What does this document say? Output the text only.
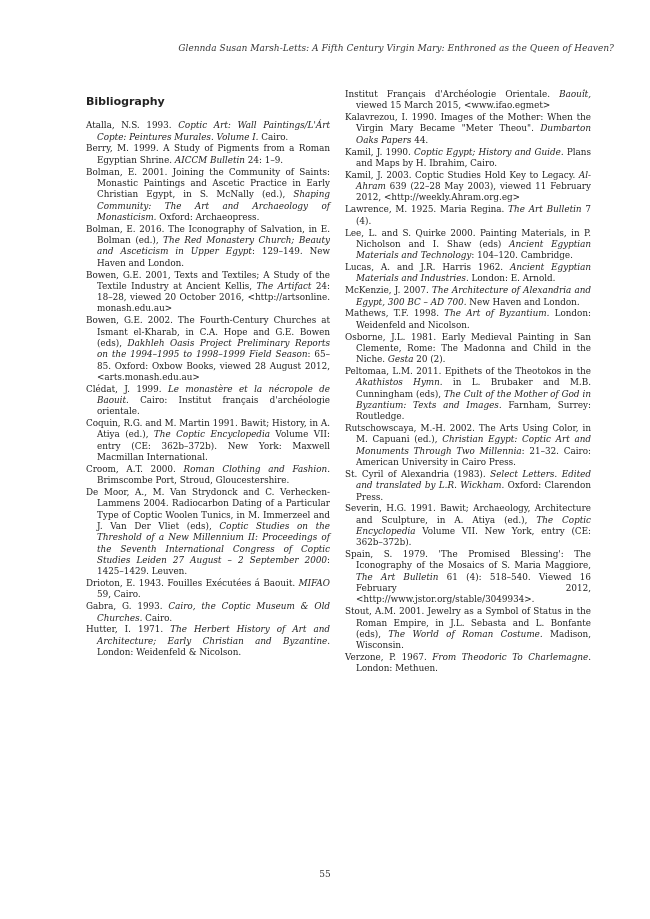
Glennda Susan Marsh-Letts: A Fifth Century Virgin Mary: Enthroned as the Queen of Heaven?
Bibliography

Atalla, N.S. 1993. Coptic Art: Wall Paintings/L'Árt Copte: Peintures Murales. Volume I. Cairo.

Berry, M. 1999. A Study of Pigments from a Roman Egyptian Shrine. AICCM Bulletin 24: 1–9.

Bolman, E. 2001. Joining the Community of Saints: Monastic Paintings and Ascetic Practice in Early Christian Egypt, in S. McNally (ed.), Shaping Community: The Art and Archaeology of Monasticism. Oxford: Archaeopress.

Bolman, E. 2016. The Iconography of Salvation, in E. Bolman (ed.), The Red Monastery Church; Beauty and Asceticism in Upper Egypt: 129–149. New Haven and London.

Bowen, G.E. 2001, Texts and Textiles; A Study of the Textile Industry at Ancient Kellis, The Artifact 24: 18–28, viewed 20 October 2016, <http://artsonline. monash.edu.au>

Bowen, G.E. 2002. The Fourth-Century Churches at Ismant el-Kharab, in C.A. Hope and G.E. Bowen (eds), Dakhleh Oasis Project Preliminary Reports on the 1994–1995 to 1998–1999 Field Season: 65–85. Oxford: Oxbow Books, viewed 28 August 2012, <arts.monash.edu.au>

Clédat, J. 1999. Le monastère et la nécropole de Baouit. Cairo: Institut français d'archéologie orientale.

Coquin, R.G. and M. Martin 1991. Bawit; History, in A. Atiya (ed.), The Coptic Encyclopedia Volume VII: entry (CE: 362b–372b). New York: Maxwell Macmillan International.

Croom, A.T. 2000. Roman Clothing and Fashion. Brimscombe Port, Stroud, Gloucestershire.

De Moor, A., M. Van Strydonck and C. Verhecken-Lammens 2004. Radiocarbon Dating of a Particular Type of Coptic Woolen Tunics, in M. Immerzeel and J. Van Der Vliet (eds), Coptic Studies on the Threshold of a New Millennium II: Proceedings of the Seventh International Congress of Coptic Studies Leiden 27 August – 2 September 2000: 1425–1429. Leuven.

Drioton, E. 1943. Fouilles Exécutées á Baouit. MIFAO 59, Cairo.

Gabra, G. 1993. Cairo, the Coptic Museum & Old Churches. Cairo.

Hutter, I. 1971. The Herbert History of Art and Architecture; Early Christian and Byzantine. London: Weidenfeld & Nicolson.

Institut Français d'Archéologie Orientale. Baouît, viewed 15 March 2015, <www.ifao.egmet>

Kalavrezou, I. 1990. Images of the Mother: When the Virgin Mary Became "Meter Theou". Dumbarton Oaks Papers 44.

Kamil, J. 1990. Coptic Egypt; History and Guide. Plans and Maps by H. Ibrahim, Cairo.

Kamil, J. 2003. Coptic Studies Hold Key to Legacy. Al-Ahram 639 (22–28 May 2003), viewed 11 February 2012, <http://weekly.Ahram.org.eg>

Lawrence, M. 1925. Maria Regina. The Art Bulletin 7 (4).

Lee, L. and S. Quirke 2000. Painting Materials, in P. Nicholson and I. Shaw (eds) Ancient Egyptian Materials and Technology: 104–120. Cambridge.

Lucas, A. and J.R. Harris 1962. Ancient Egyptian Materials and Industries. London: E. Arnold.

McKenzie, J. 2007. The Architecture of Alexandria and Egypt, 300 BC – AD 700. New Haven and London.

Mathews, T.F. 1998. The Art of Byzantium. London: Weidenfeld and Nicolson.

Osborne, J.L. 1981. Early Medieval Painting in San Clemente, Rome: The Madonna and Child in the Niche. Gesta 20 (2).

Peltomaa, L.M. 2011. Epithets of the Theotokos in the Akathistos Hymn. in L. Brubaker and M.B. Cunningham (eds), The Cult of the Mother of God in Byzantium: Texts and Images. Farnham, Surrey: Routledge.

Rutschowscaya, M.-H. 2002. The Arts Using Color, in M. Capuani (ed.), Christian Egypt: Coptic Art and Monuments Through Two Millennia: 21–32. Cairo: American University in Cairo Press.

St. Cyril of Alexandria (1983). Select Letters. Edited and translated by L.R. Wickham. Oxford: Clarendon Press.

Severin, H.G. 1991. Bawit; Archaeology, Architecture and Sculpture, in A. Atiya (ed.), The Coptic Encyclopedia Volume VII. New York, entry (CE: 362b–372b).

Spain, S. 1979. 'The Promised Blessing': The Iconography of the Mosaics of S. Maria Maggiore, The Art Bulletin 61 (4): 518–540. Viewed 16 February 2012, <http://www.jstor.org/stable/3049934>.

Stout, A.M. 2001. Jewelry as a Symbol of Status in the Roman Empire, in J.L. Sebasta and L. Bonfante (eds), The World of Roman Costume. Madison, Wisconsin.

Verzone, P. 1967. From Theodoric To Charlemagne. London: Methuen.

55
